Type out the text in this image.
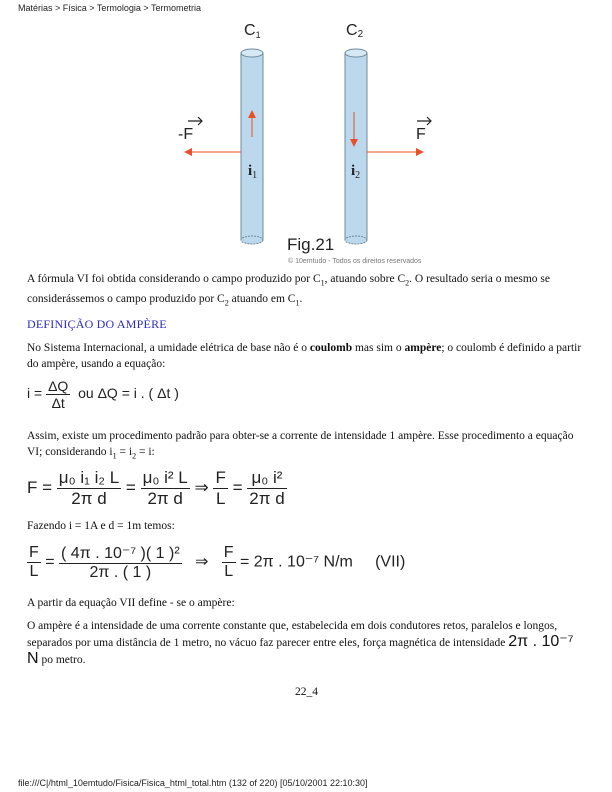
Matérias > Física > Termologia > Termometria
C1	C2
-F	F
$i_1$	$i_2$
Fig.21
© 10emtudo - Todos os direitos reservados
A fórmula VI foi obtida considerando o campo produzido por $C_1$, atuando sobre $C_2$. O resultado seria o mesmo se considerássemos o campo produzido por $C_2$ atuando em $C_1$.
DEFINIÇÃO DO AMPÈRE
No Sistema Internacional, a umidade elétrica de base não é o coulomb mas sim o ampère; o coulomb é definido a partir do ampère, usando a equação:
$i = \frac{\Delta Q}{\Delta t}$ ou ΔQ = i . ( Δt )
Assim, existe um procedimento padrão para obter-se a corrente de intensidade 1 ampère. Esse procedimento a equação VI; considerando $i_1 = i_2 = i$:
$F = \frac{\text{μ₀ i₁ i₂ L}}{\text{2π d}} = \frac{\text{μ₀ i² L}}{\text{2π d}}$ ⇒ $\frac{F}{L} = \frac{\text{μ₀ i²}}{\text{2π d}}$
Fazendo i = 1A e d = 1m temos:
$\frac{F}{L} = \frac{\text{( 4π . 10⁻⁷ )( 1 )²}}{2\pi . ( 1 )}$ ⇒ $\frac{F}{L} = 2\pi$ . 10⁻⁷ N/m (VII)
A partir da equação VII define - se o ampère:
O ampère é a intensidade de uma corrente constante que, estabelecida em dois condutores retos, paralelos e longos, separados por uma distância de 1 metro, no vácuo faz parecer entre eles, força magnética de intensidade 2π . 10⁻⁷ N po metro.
22_4
file:///C|/html_10emtudo/Fisica/Fisica_html_total.htm (132 of 220) [05/10/2001 22:10:30]
